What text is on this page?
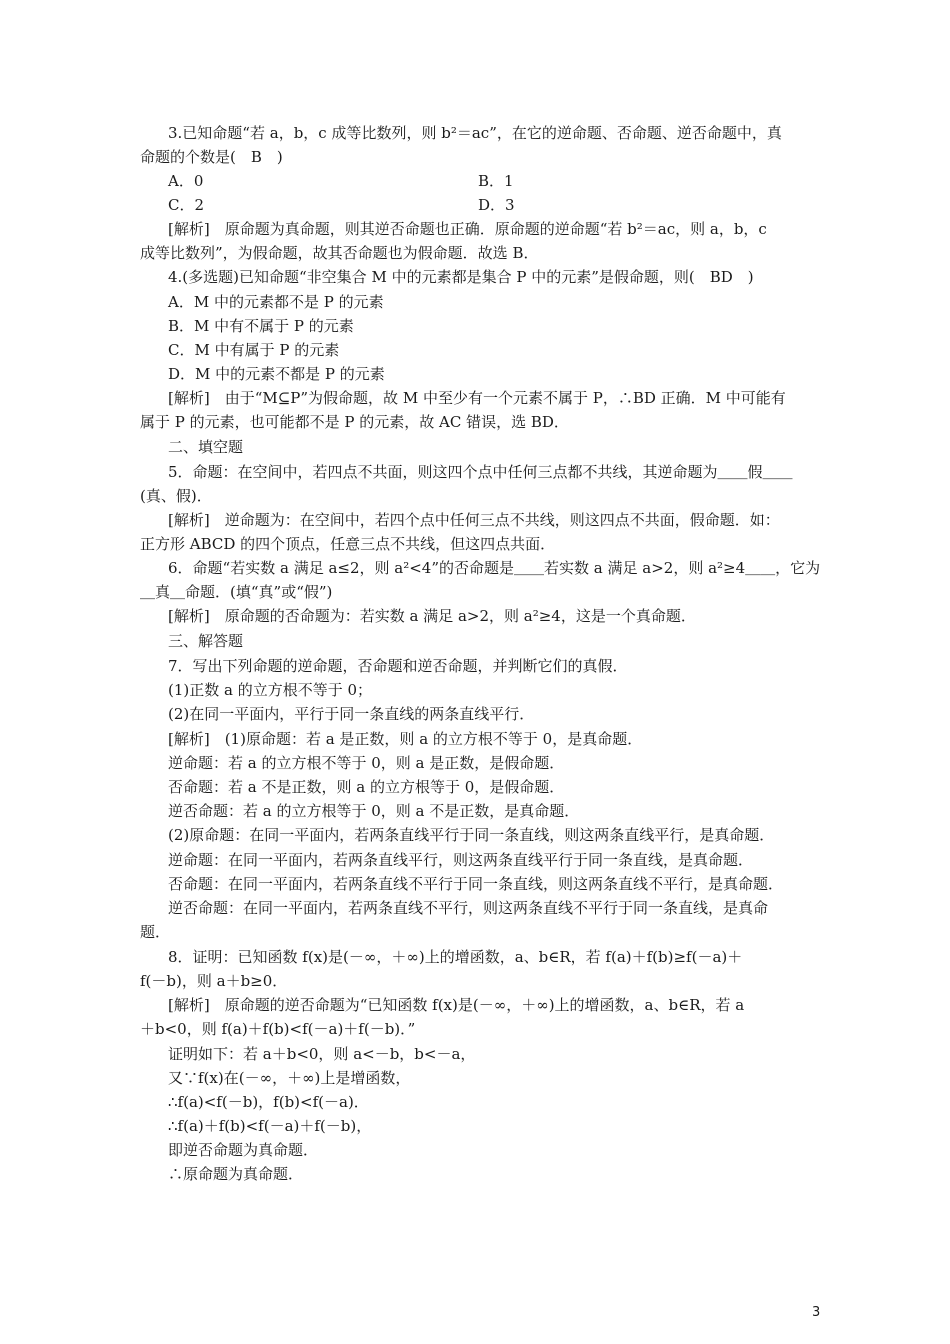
3.已知命题“若 a，b，c 成等比数列，则 b²＝ac”，在它的逆命题、否命题、逆否命题中，真
命题的个数是(　B　)
A．0	B．1
C．2	D．3
[解析]　原命题为真命题，则其逆否命题也正确．原命题的逆命题“若 b²＝ac，则 a，b，c
成等比数列”，为假命题，故其否命题也为假命题．故选 B．
4.(多选题)已知命题“非空集合 M 中的元素都是集合 P 中的元素”是假命题，则(　BD　)
A．M 中的元素都不是 P 的元素
B．M 中有不属于 P 的元素
C．M 中有属于 P 的元素
D．M 中的元素不都是 P 的元素
[解析]　由于“M⊆P”为假命题，故 M 中至少有一个元素不属于 P，∴BD 正确．M 中可能有
属于 P 的元素，也可能都不是 P 的元素，故 AC 错误，选 BD．
二、填空题
5．命题：在空间中，若四点不共面，则这四个点中任何三点都不共线，其逆命题为＿＿假＿＿
(真、假)．
[解析]　逆命题为：在空间中，若四个点中任何三点不共线，则这四点不共面，假命题．如：
正方形 ABCD 的四个顶点，任意三点不共线，但这四点共面．
6．命题“若实数 a 满足 a≤2，则 a²<4”的否命题是＿＿若实数 a 满足 a>2，则 a²≥4＿＿，它为
＿真＿命题．(填“真”或“假”)
[解析]　原命题的否命题为：若实数 a 满足 a>2，则 a²≥4，这是一个真命题．
三、解答题
7．写出下列命题的逆命题，否命题和逆否命题，并判断它们的真假．
(1)正数 a 的立方根不等于 0；
(2)在同一平面内，平行于同一条直线的两条直线平行．
[解析]　(1)原命题：若 a 是正数，则 a 的立方根不等于 0，是真命题．
逆命题：若 a 的立方根不等于 0，则 a 是正数，是假命题．
否命题：若 a 不是正数，则 a 的立方根等于 0，是假命题．
逆否命题：若 a 的立方根等于 0，则 a 不是正数，是真命题．
(2)原命题：在同一平面内，若两条直线平行于同一条直线，则这两条直线平行，是真命题．
逆命题：在同一平面内，若两条直线平行，则这两条直线平行于同一条直线，是真命题．
否命题：在同一平面内，若两条直线不平行于同一条直线，则这两条直线不平行，是真命题．
逆否命题：在同一平面内，若两条直线不平行，则这两条直线不平行于同一条直线，是真命
题．
8．证明：已知函数 f(x)是(－∞，＋∞)上的增函数，a、b∈R，若 f(a)＋f(b)≥f(－a)＋
f(－b)，则 a＋b≥0．
[解析]　原命题的逆否命题为“已知函数 f(x)是(－∞，＋∞)上的增函数，a、b∈R，若 a
＋b<0，则 f(a)＋f(b)<f(－a)＋f(－b)．”
证明如下：若 a＋b<0，则 a<－b，b<－a，
又∵f(x)在(－∞，＋∞)上是增函数，
∴f(a)<f(－b)，f(b)<f(－a)．
∴f(a)＋f(b)<f(－a)＋f(－b)，
即逆否命题为真命题．
∴原命题为真命题．
3
